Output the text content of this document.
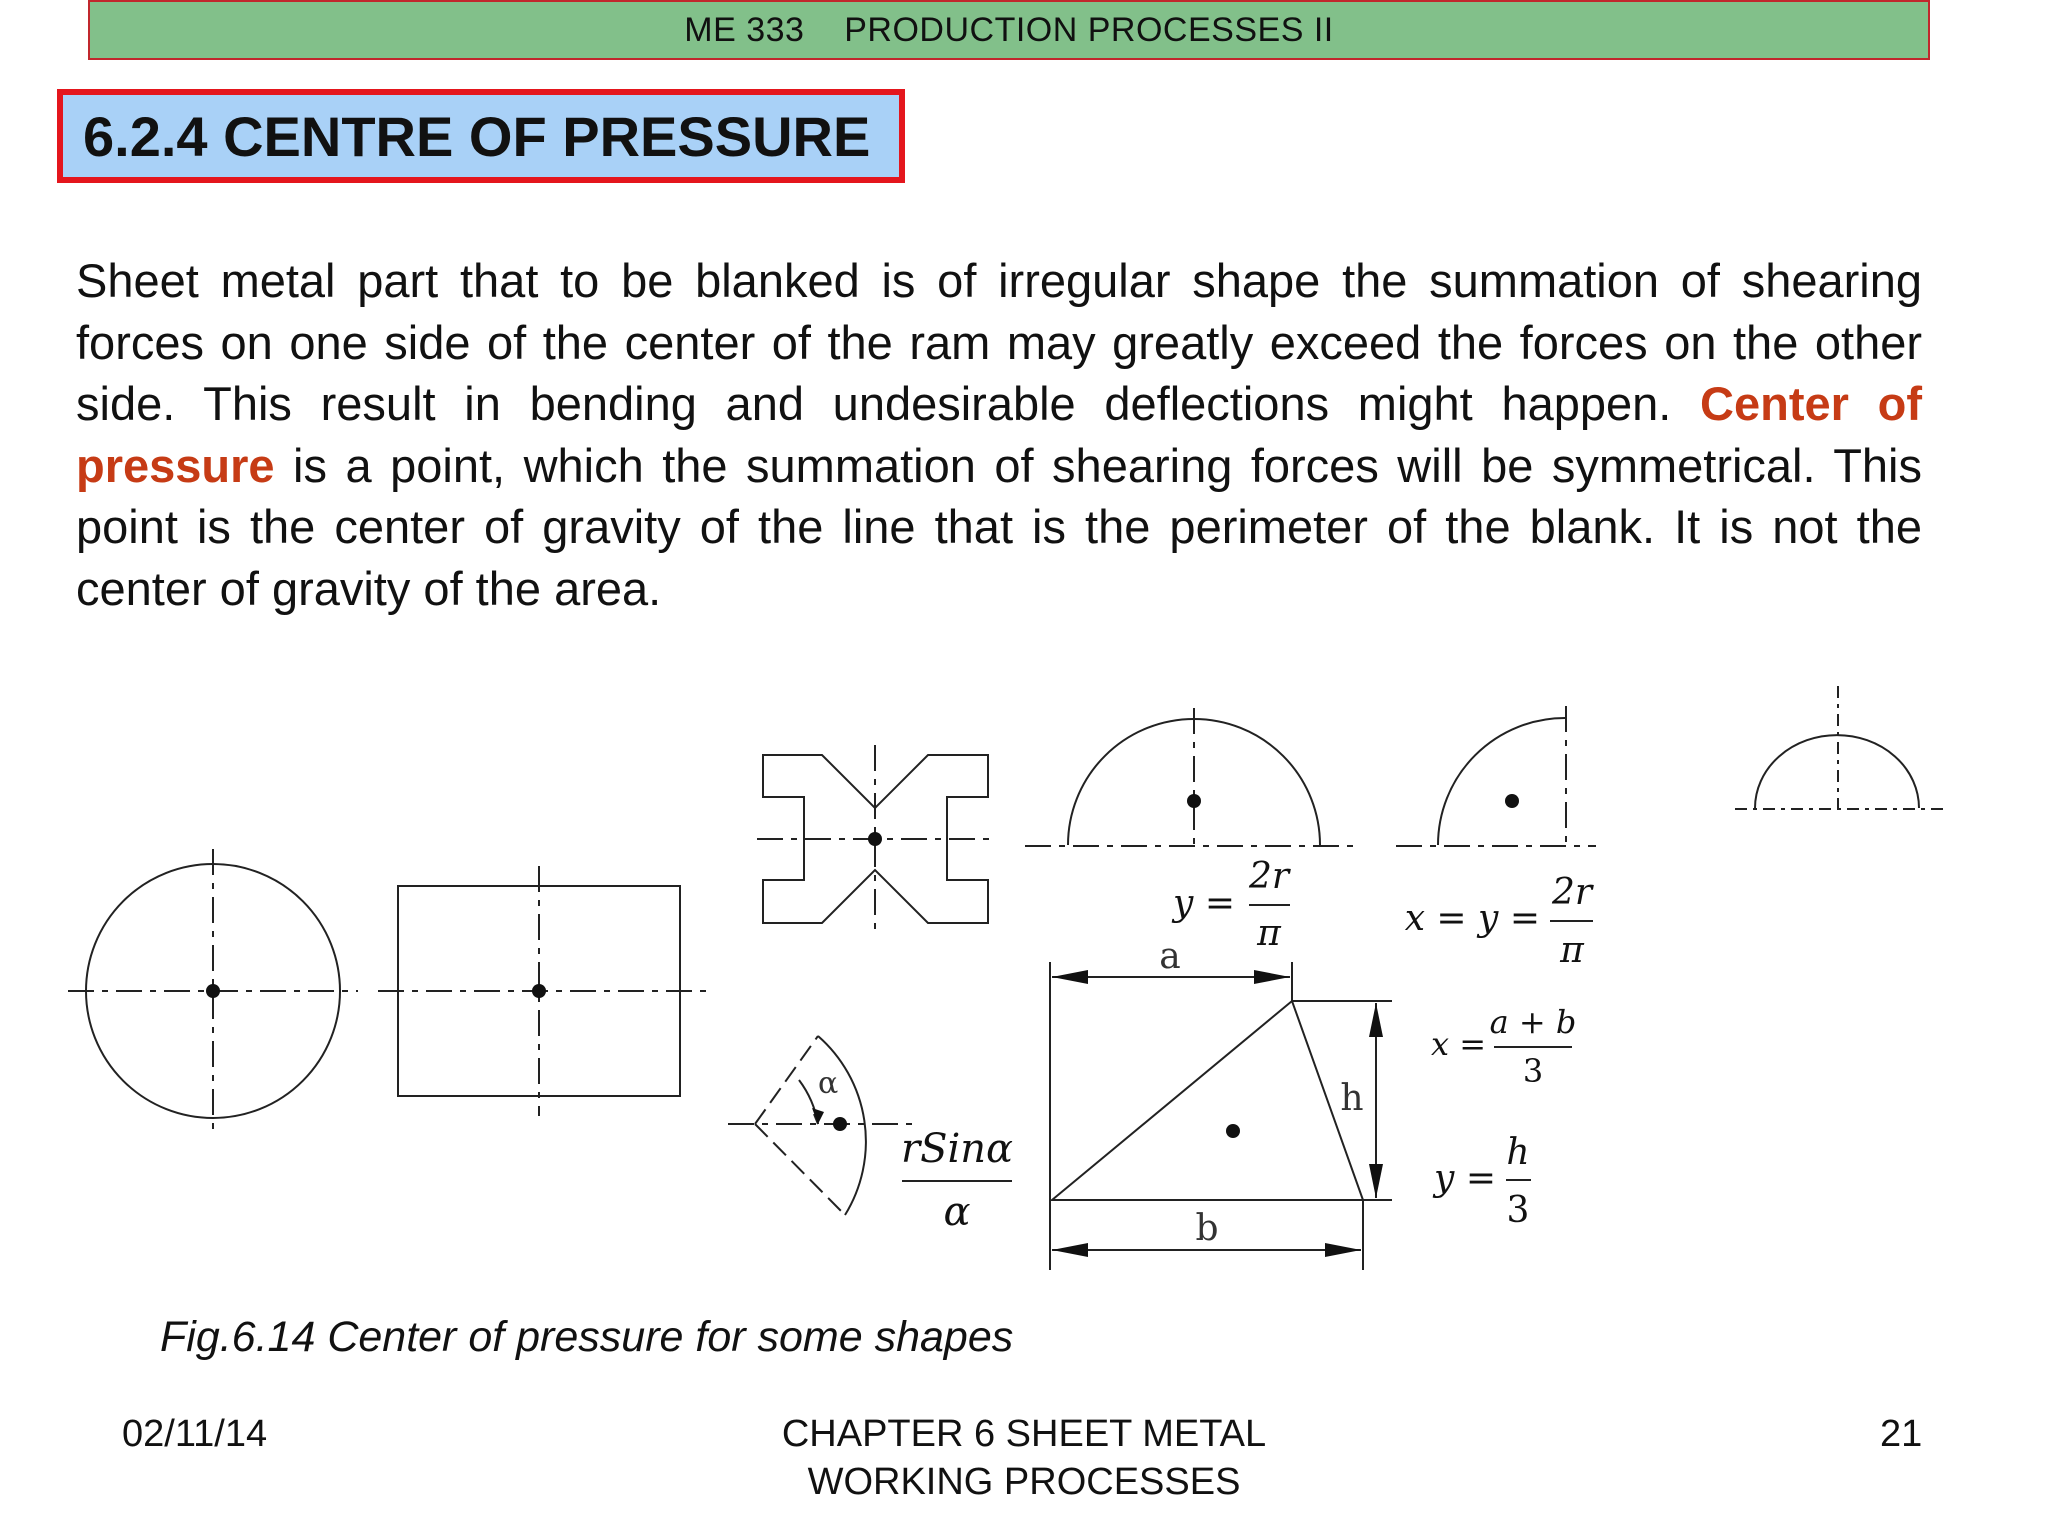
ME 333
PRODUCTION PROCESSES II
6.2.4 CENTRE OF PRESSURE
Sheet metal part that to be blanked is of irregular shape the summation of shearing forces on one side of the center of the ram may greatly exceed the forces on the other side. This result in bending and undesirable deflections might happen. Center of pressure is a point, which the summation of shearing forces will be symmetrical. This point is the center of gravity of the line that is the perimeter of the blank. It is not the center of gravity of the area.
y =
2r
π	x = y =
2r
π
x =
a + b
3
y =
h
3
rSinα
α
α
a
b
h
Fig.6.14 Center of pressure for some shapes
02/11/14	CHAPTER 6 SHEET METAL
WORKING PROCESSES
21
